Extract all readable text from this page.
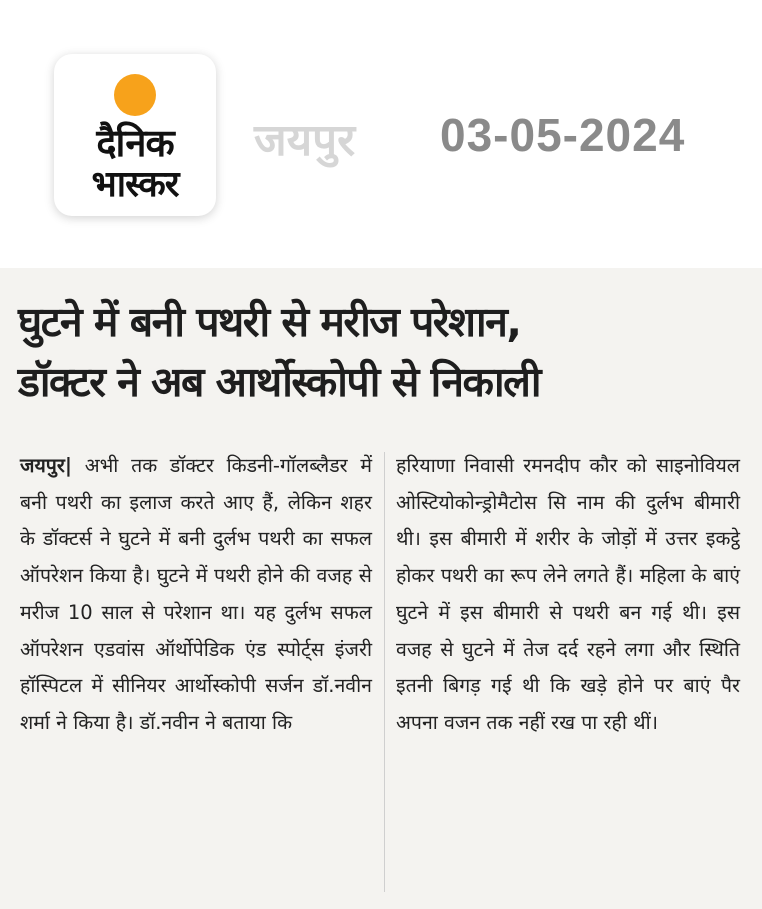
दैनिक
भास्कर
जयपुर 03-05-2024
घुटने में बनी पथरी से मरीज परेशान,
डॉक्टर ने अब आर्थोस्कोपी से निकाली
जयपुर| अभी तक डॉक्टर किडनी-गॉलब्लैडर में बनी पथरी का इलाज करते आए हैं, लेकिन शहर के डॉक्टर्स ने घुटने में बनी दुर्लभ पथरी का सफल ऑपरेशन किया है। घुटने में पथरी होने की वजह से मरीज 10 साल से परेशान था। यह दुर्लभ सफल ऑपरेशन एडवांस ऑर्थोपेडिक एंड स्पोर्ट्स इंजरी हॉस्पिटल में सीनियर आर्थोस्कोपी सर्जन डॉ.नवीन शर्मा ने किया है। डॉ.नवीन ने बताया कि
हरियाणा निवासी रमनदीप कौर को साइनोवियल ओस्टियोकोन्ड्रोमैटोस सि नाम की दुर्लभ बीमारी थी। इस बीमारी में शरीर के जोड़ों में उत्तर इकट्ठे होकर पथरी का रूप लेने लगते हैं। महिला के बाएं घुटने में इस बीमारी से पथरी बन गई थी। इस वजह से घुटने में तेज दर्द रहने लगा और स्थिति इतनी बिगड़ गई थी कि खड़े होने पर बाएं पैर अपना वजन तक नहीं रख पा रही थीं।
